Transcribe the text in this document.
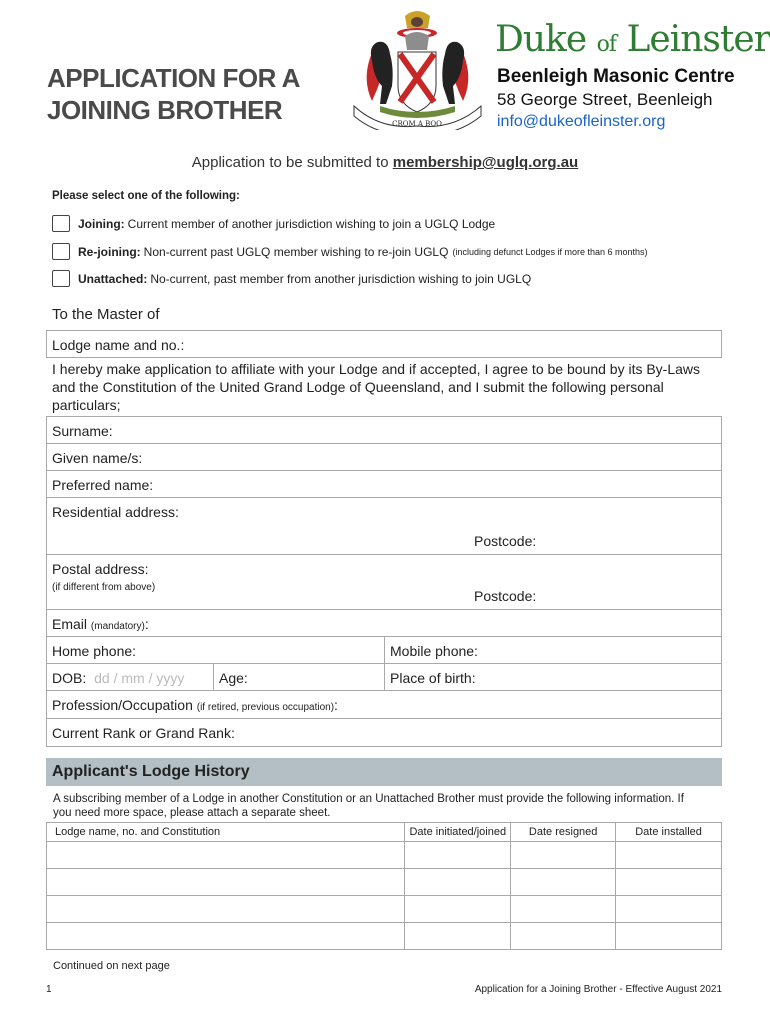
APPLICATION FOR A
JOINING BROTHER	CROM A BOO
Duke of Leinster
Beenleigh Masonic Centre
58 George Street, Beenleigh
info@dukeofleinster.org
Application to be submitted to membership@uglq.org.au
Please select one of the following:
Joining: Current member of another jurisdiction wishing to join a UGLQ Lodge
Re-joining: Non-current past UGLQ member wishing to re-join UGLQ (including defunct Lodges if more than 6 months)
Unattached: No-current, past member from another jurisdiction wishing to join UGLQ
To the Master of
Lodge name and no.:
I hereby make application to affiliate with your Lodge and if accepted, I agree to be bound by its By-Laws and the Constitution of the United Grand Lodge of Queensland, and I submit the following personal particulars;
Surname:
Given name/s:
Preferred name:
Residential address:
Postcode:
Postal address:
(if different from above)
Postcode:
Email (mandatory):
Home phone:	Mobile phone:
DOB: dd / mm / yyyy Age:	Place of birth:
Profession/Occupation (if retired, previous occupation):
Current Rank or Grand Rank:
Applicant's Lodge History
A subscribing member of a Lodge in another Constitution or an Unattached Brother must provide the following information. If you need more space, please attach a separate sheet.
Lodge name, no. and Constitution	Date initiated/joined	Date resigned	Date installed

Continued on next page
1	Application for a Joining Brother - Effective August 2021
